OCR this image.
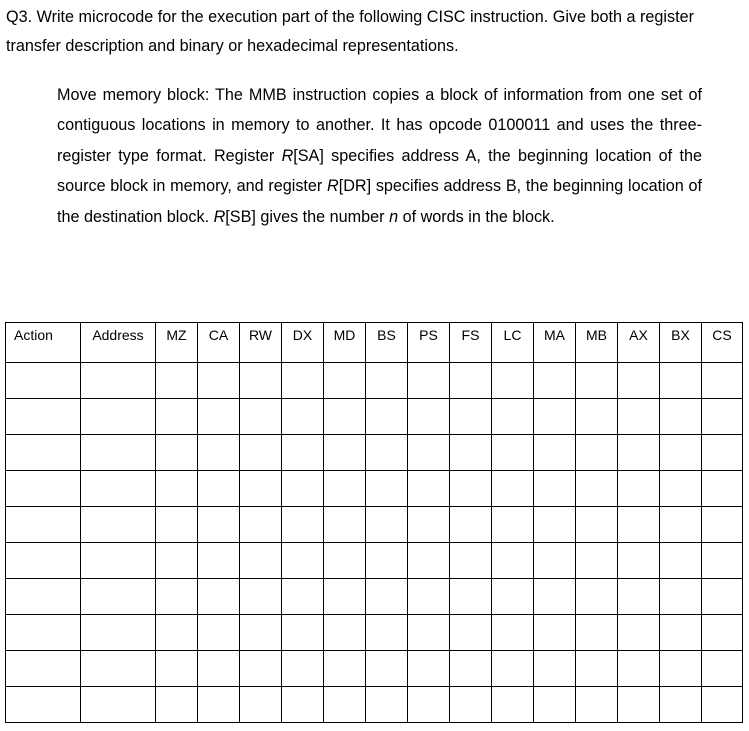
Q3. Write microcode for the execution part of the following CISC instruction. Give both a register transfer description and binary or hexadecimal representations.

Move memory block: The MMB instruction copies a block of information from one set of contiguous locations in memory to another. It has opcode 0100011 and uses the three-register type format. Register R[SA] specifies address A, the beginning location of the source block in memory, and register R[DR] specifies address B, the beginning location of the destination block. R[SB] gives the number n of words in the block.

Action	Address	MZ	CA	RW	DX	MD	BS	PS	FS	LC	MA	MB	AX	BX	CS
